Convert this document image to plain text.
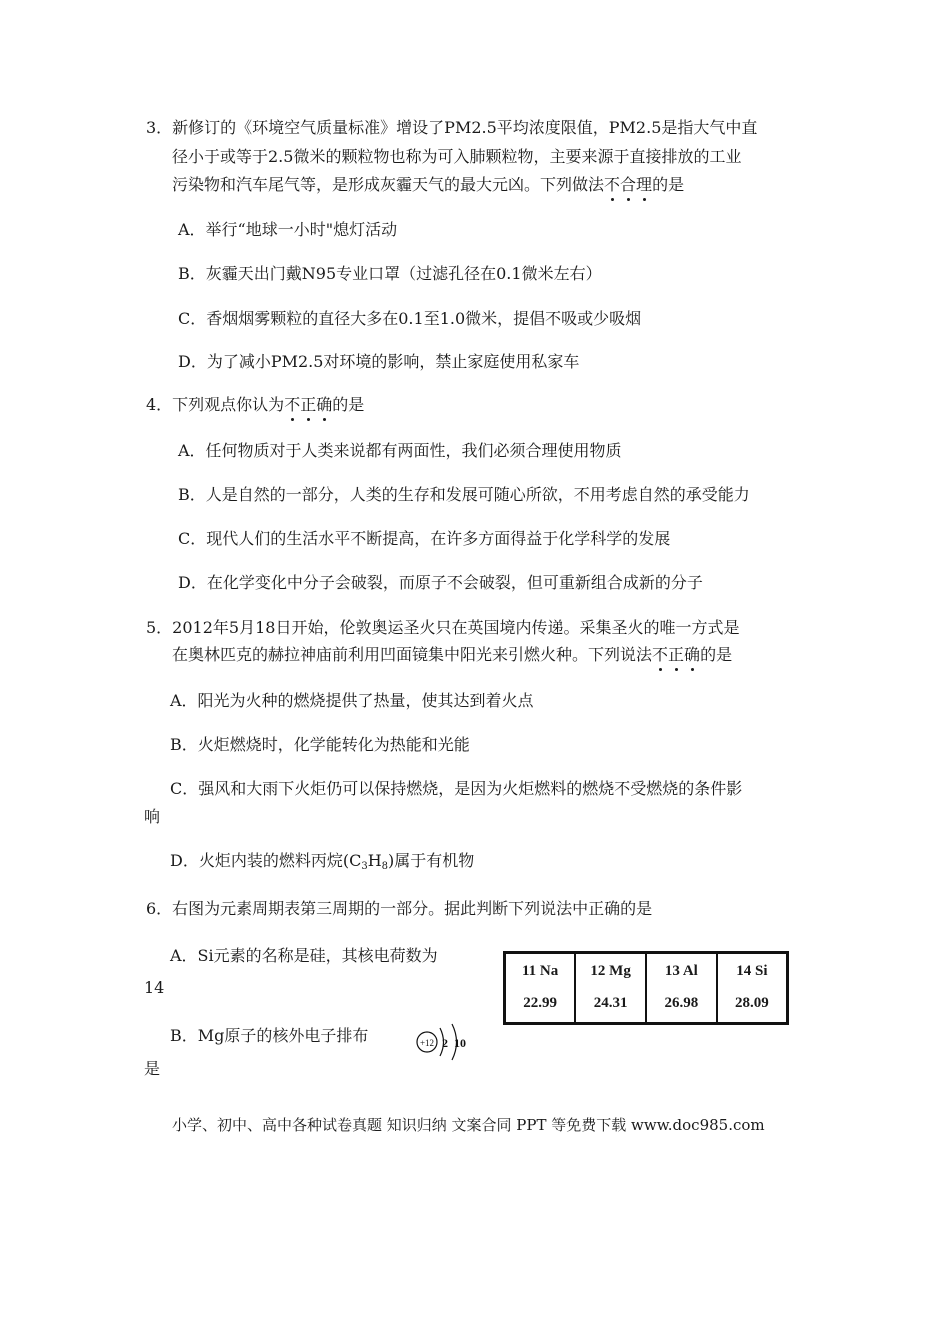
3．新修订的《环境空气质量标准》增设了PM2.5平均浓度限值，PM2.5是指大气中直
径小于或等于2.5微米的颗粒物也称为可入肺颗粒物，主要来源于直接排放的工业
污染物和汽车尾气等，是形成灰霾天气的最大元凶。下列做法不合理的是
A．举行“地球一小时"熄灯活动
B．灰霾天出门戴N95专业口罩（过滤孔径在0.1微米左右）
C．香烟烟雾颗粒的直径大多在0.1至1.0微米，提倡不吸或少吸烟
D．为了减小PM2.5对环境的影响，禁止家庭使用私家车
4．下列观点你认为不正确的是
A．任何物质对于人类来说都有两面性，我们必须合理使用物质
B．人是自然的一部分，人类的生存和发展可随心所欲，不用考虑自然的承受能力
C．现代人们的生活水平不断提高，在许多方面得益于化学科学的发展
D．在化学变化中分子会破裂，而原子不会破裂，但可重新组合成新的分子
5．2012年5月18日开始，伦敦奥运圣火只在英国境内传递。采集圣火的唯一方式是
在奥林匹克的赫拉神庙前利用凹面镜集中阳光来引燃火种。下列说法不正确的是
A．阳光为火种的燃烧提供了热量，使其达到着火点
B．火炬燃烧时，化学能转化为热能和光能
C．强风和大雨下火炬仍可以保持燃烧，是因为火炬燃料的燃烧不受燃烧的条件影
响
D．火炬内装的燃料丙烷$(C_3H_8)$属于有机物
6．右图为元素周期表第三周期的一部分。据此判断下列说法中正确的是
A．Si元素的名称是硅，其核电荷数为
14
11 Na
22.99

12 Mg
24.31

13 Al
26.98

14 Si
28.09
B．Mg原子的核外电子排布
是
+12 2 10
小学、初中、高中各种试卷真题 知识归纳 文案合同 PPT 等免费下载 www.doc985.com
